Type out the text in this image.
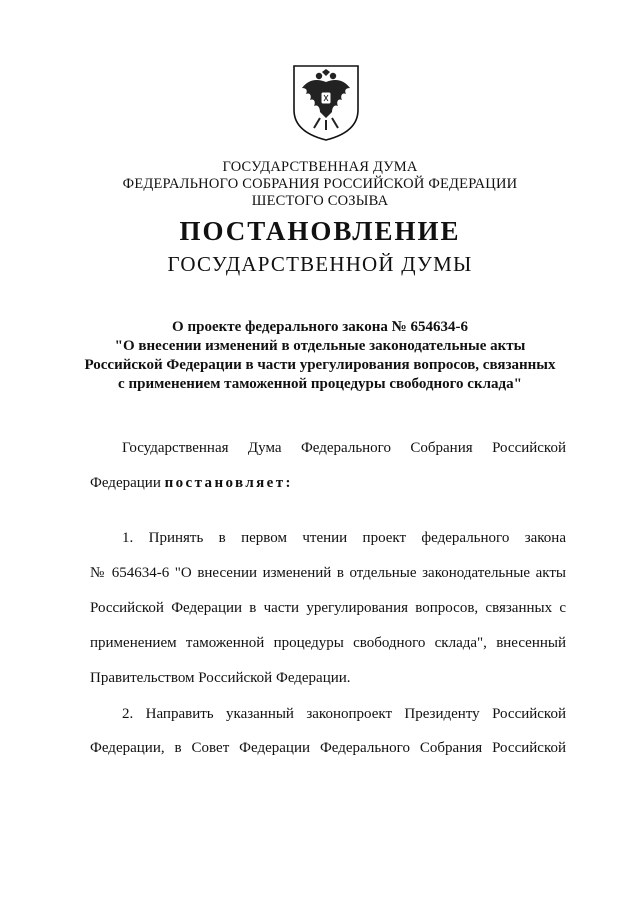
ГОСУДАРСТВЕННАЯ ДУМА
ФЕДЕРАЛЬНОГО СОБРАНИЯ РОССИЙСКОЙ ФЕДЕРАЦИИ
ШЕСТОГО СОЗЫВА
ПОСТАНОВЛЕНИЕ
ГОСУДАРСТВЕННОЙ ДУМЫ
О проекте федерального закона № 654634-6
"О внесении изменений в отдельные законодательные акты
Российской Федерации в части урегулирования вопросов, связанных
с применением таможенной процедуры свободного склада"
Государственная Дума Федерального Собрания Российской
Федерации постановляет:
1. Принять в первом чтении проект федерального закона
№ 654634-6 "О внесении изменений в отдельные законодательные акты
Российской Федерации в части урегулирования вопросов, связанных с
применением таможенной процедуры свободного склада", внесенный
Правительством Российской Федерации.
2. Направить указанный законопроект Президенту Российской
Федерации, в Совет Федерации Федерального Собрания Российской
